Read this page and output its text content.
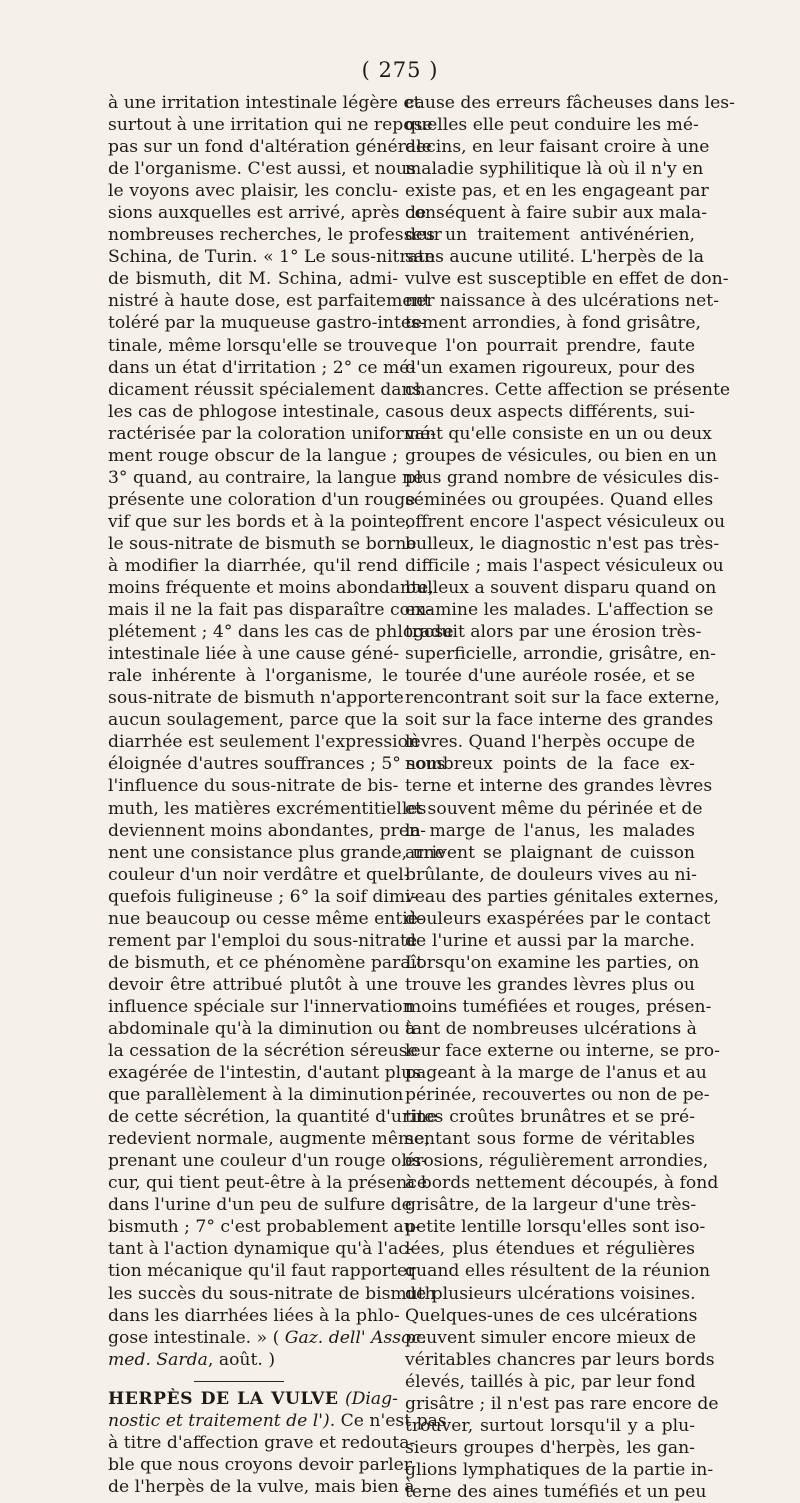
( 275 )
à une irritation intestinale légère et
surtout à une irritation qui ne repose
pas sur un fond d'altération générale
de l'organisme. C'est aussi, et nous
le voyons avec plaisir, les conclu-
sions auxquelles est arrivé, après de
nombreuses recherches, le professeur
Schina, de Turin. « 1° Le sous-nitrate
de bismuth, dit M. Schina, admi-
nistré à haute dose, est parfaitement
toléré par la muqueuse gastro-intes-
tinale, même lorsqu'elle se trouve
dans un état d'irritation ; 2° ce mé-
dicament réussit spécialement dans
les cas de phlogose intestinale, ca-
ractérisée par la coloration uniformé-
ment rouge obscur de la langue ;
3° quand, au contraire, la langue ne
présente une coloration d'un rouge
vif que sur les bords et à la pointe,
le sous-nitrate de bismuth se borne
à modifier la diarrhée, qu'il rend
moins fréquente et moins abondante,
mais il ne la fait pas disparaître com-
plétement ; 4° dans les cas de phlogose
intestinale liée à une cause géné-
rale inhérente à l'organisme, le
sous-nitrate de bismuth n'apporte
aucun soulagement, parce que la
diarrhée est seulement l'expression
éloignée d'autres souffrances ; 5° sous
l'influence du sous-nitrate de bis-
muth, les matières excrémentitielles
deviennent moins abondantes, pren-
nent une consistance plus grande, une
couleur d'un noir verdâtre et quel-
quefois fuligineuse ; 6° la soif dimi-
nue beaucoup ou cesse même entiè-
rement par l'emploi du sous-nitrate
de bismuth, et ce phénomène paraît
devoir être attribué plutôt à une
influence spéciale sur l'innervation
abdominale qu'à la diminution ou à
la cessation de la sécrétion séreuse
exagérée de l'intestin, d'autant plus
que parallèlement à la diminution
de cette sécrétion, la quantité d'urine
redevient normale, augmente même,
prenant une couleur d'un rouge obs-
cur, qui tient peut-être à la présence
dans l'urine d'un peu de sulfure de
bismuth ; 7° c'est probablement au-
tant à l'action dynamique qu'à l'ac-
tion mécanique qu'il faut rapporter
les succès du sous-nitrate de bismuth
dans les diarrhées liées à la phlo-
gose intestinale. » ( Gaz. dell' Assoc.
med. Sarda, août. )
HERPÈS DE LA VULVE (Diag-
nostic et traitement de l'). Ce n'est pas
à titre d'affection grave et redouta-
ble que nous croyons devoir parler
de l'herpès de la vulve, mais bien à
cause des erreurs fâcheuses dans les-
quelles elle peut conduire les mé-
decins, en leur faisant croire à une
maladie syphilitique là où il n'y en
existe pas, et en les engageant par
conséquent à faire subir aux mala-
des un traitement antivénérien,
sans aucune utilité. L'herpès de la
vulve est susceptible en effet de don-
ner naissance à des ulcérations net-
tement arrondies, à fond grisâtre,
que l'on pourrait prendre, faute
d'un examen rigoureux, pour des
chancres. Cette affection se présente
sous deux aspects différents, sui-
vant qu'elle consiste en un ou deux
groupes de vésicules, ou bien en un
plus grand nombre de vésicules dis-
séminées ou groupées. Quand elles
offrent encore l'aspect vésiculeux ou
bulleux, le diagnostic n'est pas très-
difficile ; mais l'aspect vésiculeux ou
bulleux a souvent disparu quand on
examine les malades. L'affection se
traduit alors par une érosion très-
superficielle, arrondie, grisâtre, en-
tourée d'une auréole rosée, et se
rencontrant soit sur la face externe,
soit sur la face interne des grandes
lèvres. Quand l'herpès occupe de
nombreux points de la face ex-
terne et interne des grandes lèvres
et souvent même du périnée et de
la marge de l'anus, les malades
arrivent se plaignant de cuisson
brûlante, de douleurs vives au ni-
veau des parties génitales externes,
douleurs exaspérées par le contact
de l'urine et aussi par la marche.
Lorsqu'on examine les parties, on
trouve les grandes lèvres plus ou
moins tuméfiées et rouges, présen-
tant de nombreuses ulcérations à
leur face externe ou interne, se pro-
pageant à la marge de l'anus et au
périnée, recouvertes ou non de pe-
tites croûtes brunâtres et se pré-
sentant sous forme de véritables
érosions, régulièrement arrondies,
à bords nettement découpés, à fond
grisâtre, de la largeur d'une très-
petite lentille lorsqu'elles sont iso-
lées, plus étendues et régulières
quand elles résultent de la réunion
de plusieurs ulcérations voisines.
Quelques-unes de ces ulcérations
peuvent simuler encore mieux de
véritables chancres par leurs bords
élevés, taillés à pic, par leur fond
grisâtre ; il n'est pas rare encore de
trouver, surtout lorsqu'il y a plu-
sieurs groupes d'herpès, les gan-
glions lymphatiques de la partie in-
terne des aines tuméfiés et un peu
